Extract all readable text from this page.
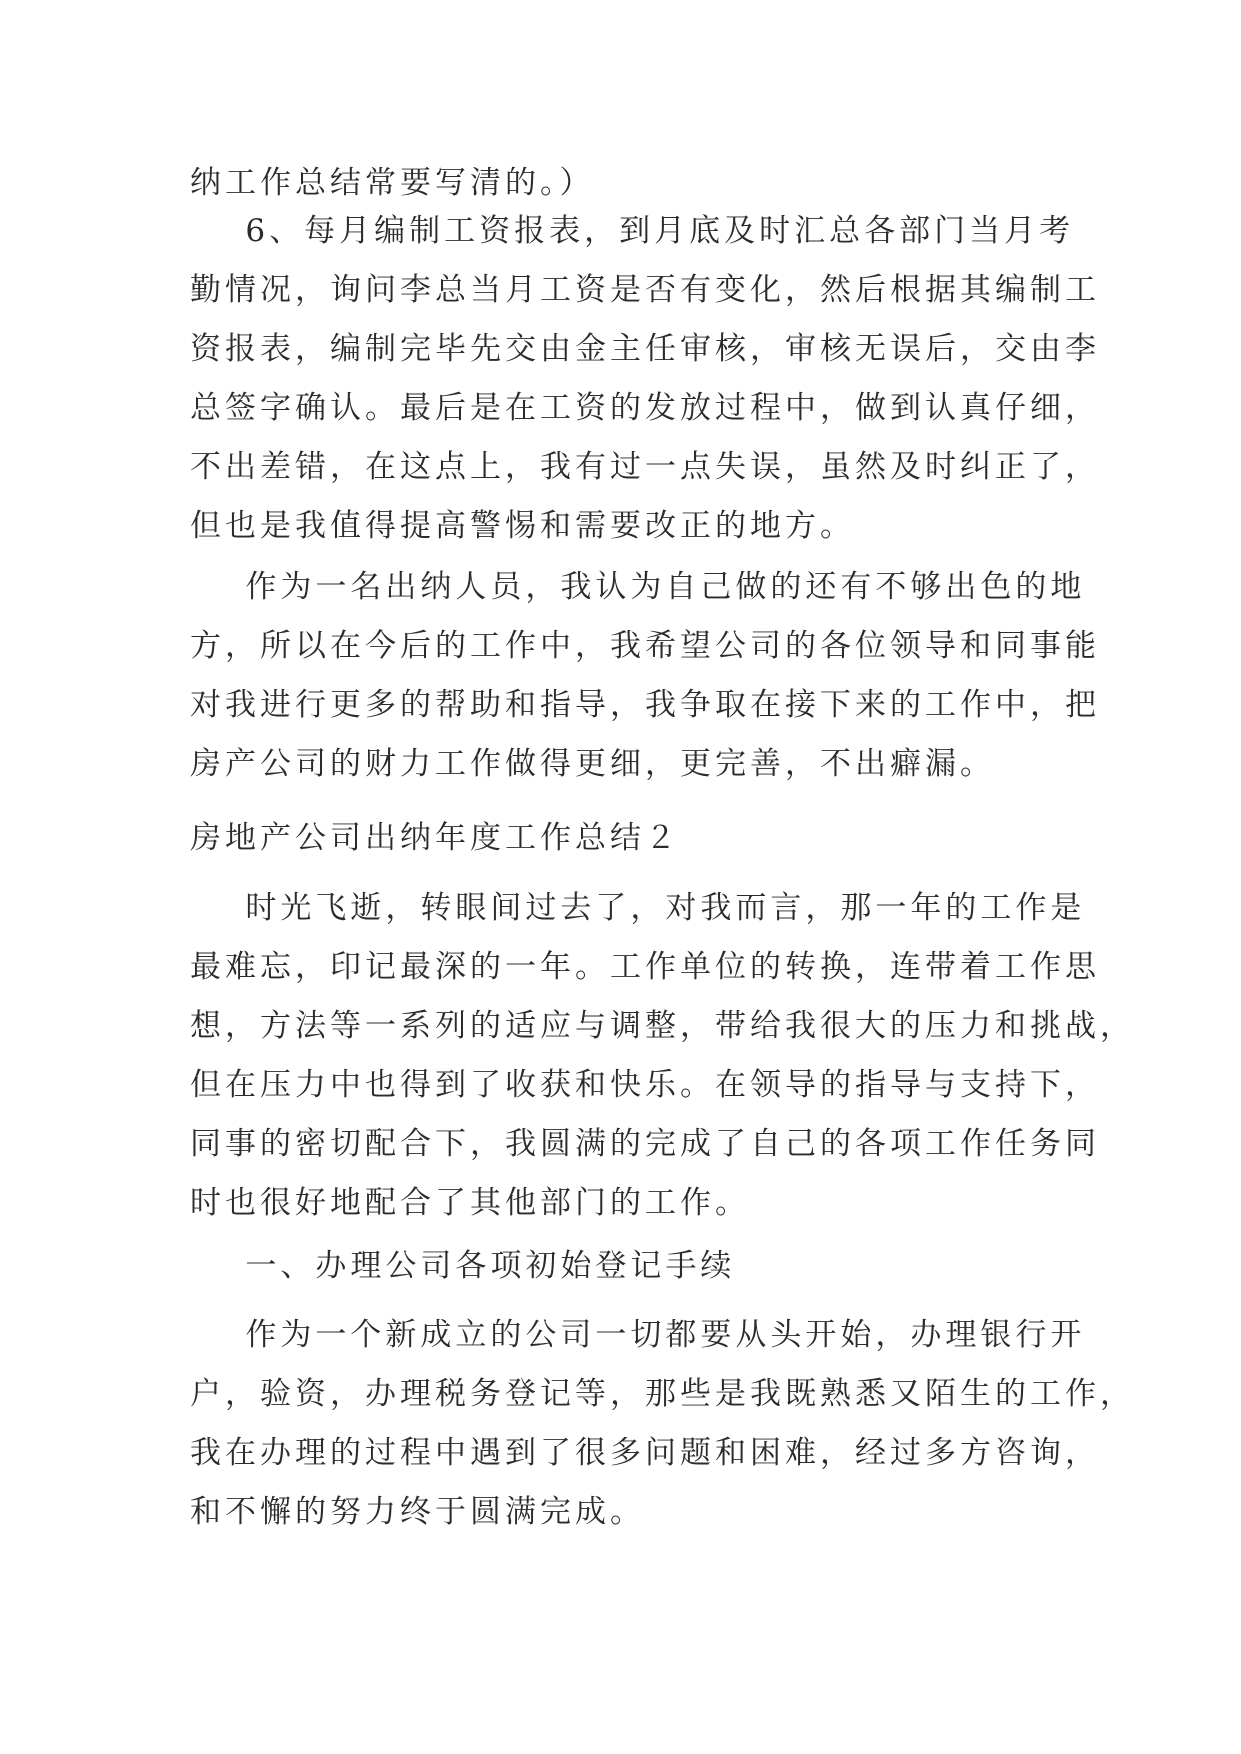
纳工作总结常要写清的。）
6、每月编制工资报表，到月底及时汇总各部门当月考
勤情况，询问李总当月工资是否有变化，然后根据其编制工
资报表，编制完毕先交由金主任审核，审核无误后，交由李
总签字确认。最后是在工资的发放过程中，做到认真仔细，
不出差错，在这点上，我有过一点失误，虽然及时纠正了，
但也是我值得提高警惕和需要改正的地方。
作为一名出纳人员，我认为自己做的还有不够出色的地
方，所以在今后的工作中，我希望公司的各位领导和同事能
对我进行更多的帮助和指导，我争取在接下来的工作中，把
房产公司的财力工作做得更细，更完善，不出癖漏。
房地产公司出纳年度工作总结２
时光飞逝，转眼间过去了，对我而言，那一年的工作是
最难忘，印记最深的一年。工作单位的转换，连带着工作思
想，方法等一系列的适应与调整，带给我很大的压力和挑战，
但在压力中也得到了收获和快乐。在领导的指导与支持下，
同事的密切配合下，我圆满的完成了自己的各项工作任务同
时也很好地配合了其他部门的工作。
一、办理公司各项初始登记手续
作为一个新成立的公司一切都要从头开始，办理银行开
户，验资，办理税务登记等，那些是我既熟悉又陌生的工作，
我在办理的过程中遇到了很多问题和困难，经过多方咨询，
和不懈的努力终于圆满完成。
